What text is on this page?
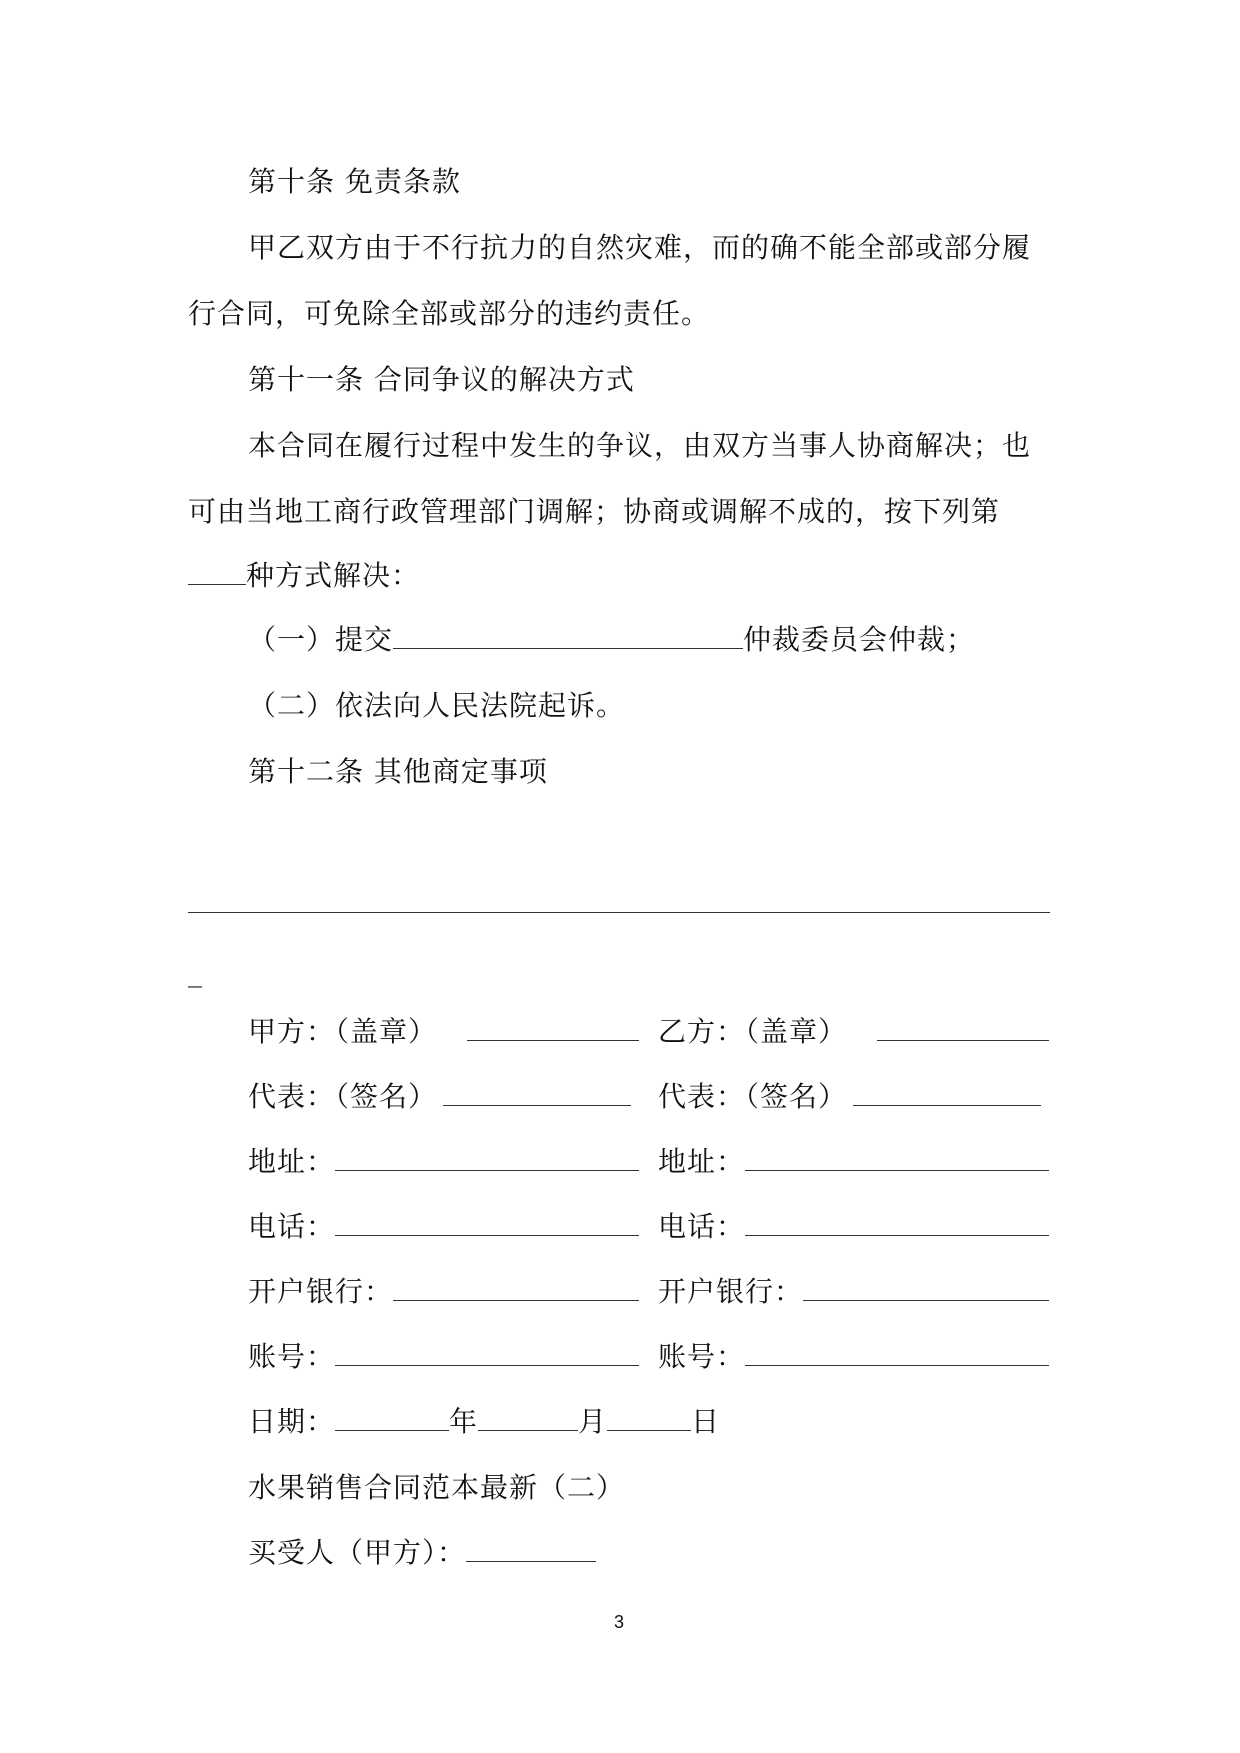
第十条 免责条款
甲乙双方由于不行抗力的自然灾难，而的确不能全部或部分履
行合同，可免除全部或部分的违约责任。
第十一条 合同争议的解决方式
本合同在履行过程中发生的争议，由双方当事人协商解决；也
可由当地工商行政管理部门调解；协商或调解不成的，按下列第
种方式解决：
（一）提交	仲裁委员会仲裁；
（二）依法向人民法院起诉。
第十二条 其他商定事项
_
甲方：（盖章）	乙方：（盖章）
代表：（签名）	代表：（签名）
地址：	地址：
电话：	电话：
开户银行：	开户银行：
账号：	账号：
日期：	年	月	日
水果销售合同范本最新（二）
买受人（甲方）：
3
